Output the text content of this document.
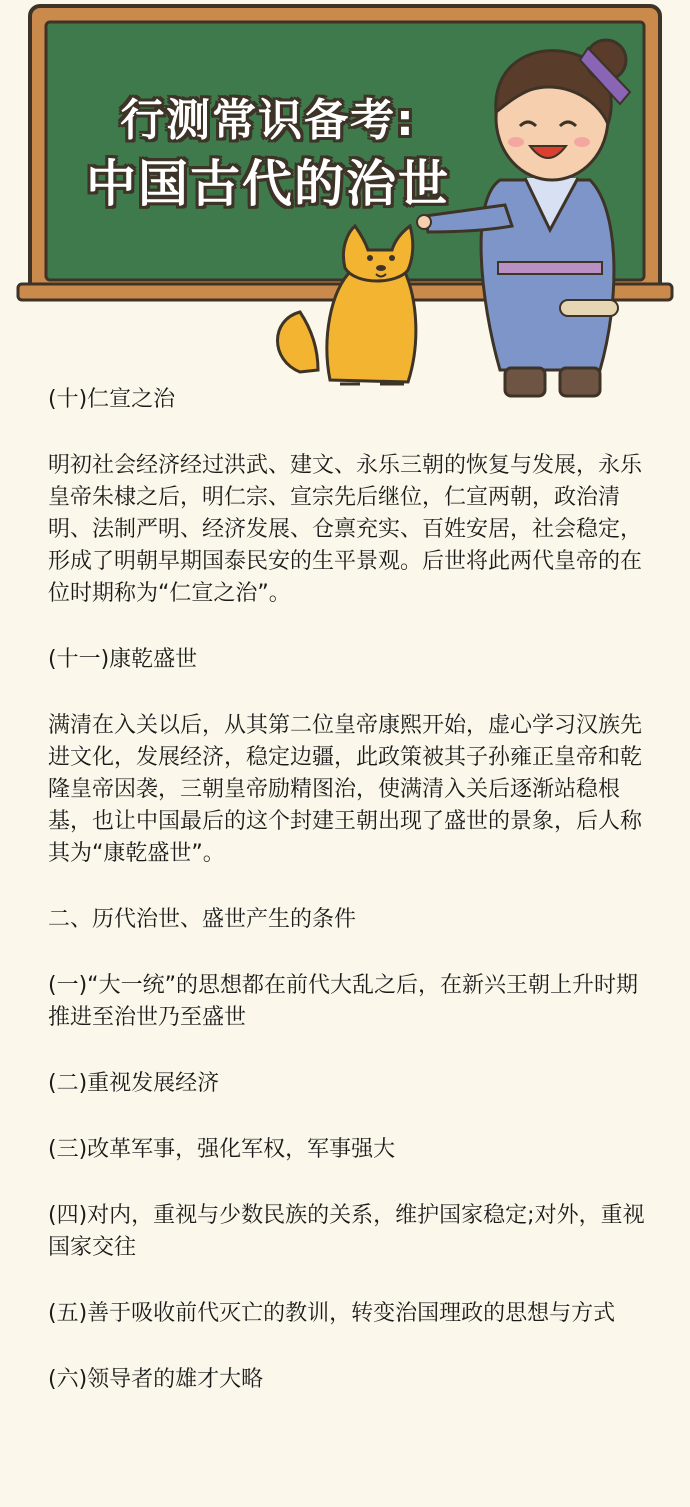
行测常识备考:
中国古代的治世

(十)仁宣之治

明初社会经济经过洪武、建文、永乐三朝的恢复与发展，永乐皇帝朱棣之后，明仁宗、宣宗先后继位，仁宣两朝，政治清明、法制严明、经济发展、仓禀充实、百姓安居，社会稳定，形成了明朝早期国泰民安的生平景观。后世将此两代皇帝的在位时期称为“仁宣之治”。

(十一)康乾盛世

满清在入关以后，从其第二位皇帝康熙开始，虚心学习汉族先进文化，发展经济，稳定边疆，此政策被其子孙雍正皇帝和乾隆皇帝因袭，三朝皇帝励精图治，使满清入关后逐渐站稳根基，也让中国最后的这个封建王朝出现了盛世的景象，后人称其为“康乾盛世”。

二、历代治世、盛世产生的条件

(一)“大一统”的思想都在前代大乱之后，在新兴王朝上升时期推进至治世乃至盛世

(二)重视发展经济

(三)改革军事，强化军权，军事强大

(四)对内，重视与少数民族的关系，维护国家稳定;对外，重视国家交往

(五)善于吸收前代灭亡的教训，转变治国理政的思想与方式

(六)领导者的雄才大略
